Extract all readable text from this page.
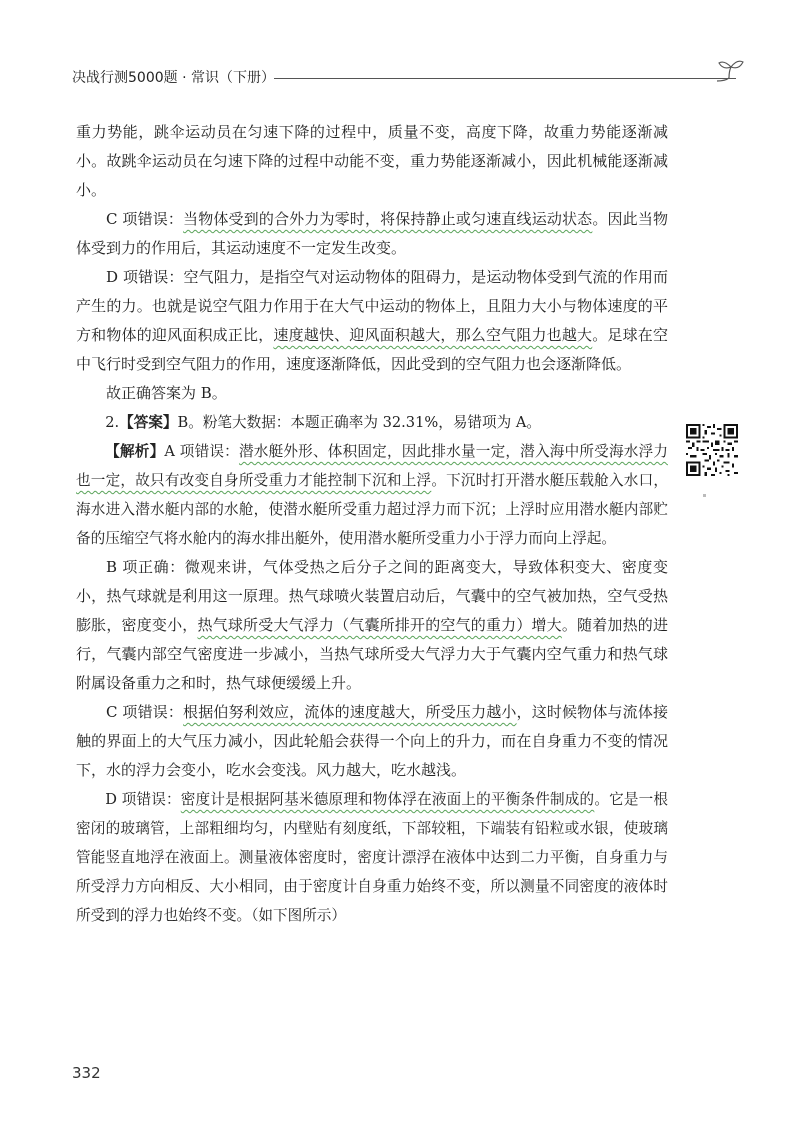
决战行测5000题 · 常识（下册）

重力势能，跳伞运动员在匀速下降的过程中，质量不变，高度下降，故重力势能逐渐减小。故跳伞运动员在匀速下降的过程中动能不变，重力势能逐渐减小，因此机械能逐渐减小。

C 项错误：当物体受到的合外力为零时，将保持静止或匀速直线运动状态。因此当物体受到力的作用后，其运动速度不一定发生改变。

D 项错误：空气阻力，是指空气对运动物体的阻碍力，是运动物体受到气流的作用而产生的力。也就是说空气阻力作用于在大气中运动的物体上，且阻力大小与物体速度的平方和物体的迎风面积成正比，速度越快、迎风面积越大，那么空气阻力也越大。足球在空中飞行时受到空气阻力的作用，速度逐渐降低，因此受到的空气阻力也会逐渐降低。

故正确答案为 B。

2.【答案】B。粉笔大数据：本题正确率为 32.31%，易错项为 A。

【解析】A 项错误：潜水艇外形、体积固定，因此排水量一定，潜入海中所受海水浮力也一定，故只有改变自身所受重力才能控制下沉和上浮。下沉时打开潜水艇压载舱入水口，海水进入潜水艇内部的水舱，使潜水艇所受重力超过浮力而下沉；上浮时应用潜水艇内部贮备的压缩空气将水舱内的海水排出艇外，使用潜水艇所受重力小于浮力而向上浮起。

B 项正确：微观来讲，气体受热之后分子之间的距离变大，导致体积变大、密度变小，热气球就是利用这一原理。热气球喷火装置启动后，气囊中的空气被加热，空气受热膨胀，密度变小，热气球所受大气浮力（气囊所排开的空气的重力）增大。随着加热的进行，气囊内部空气密度进一步减小，当热气球所受大气浮力大于气囊内空气重力和热气球附属设备重力之和时，热气球便缓缓上升。

C 项错误：根据伯努利效应，流体的速度越大，所受压力越小，这时候物体与流体接触的界面上的大气压力减小，因此轮船会获得一个向上的升力，而在自身重力不变的情况下，水的浮力会变小，吃水会变浅。风力越大，吃水越浅。

D 项错误：密度计是根据阿基米德原理和物体浮在液面上的平衡条件制成的。它是一根密闭的玻璃管，上部粗细均匀，内壁贴有刻度纸，下部较粗，下端装有铅粒或水银，使玻璃管能竖直地浮在液面上。测量液体密度时，密度计漂浮在液体中达到二力平衡，自身重力与所受浮力方向相反、大小相同，由于密度计自身重力始终不变，所以测量不同密度的液体时所受到的浮力也始终不变。（如下图所示）

332
